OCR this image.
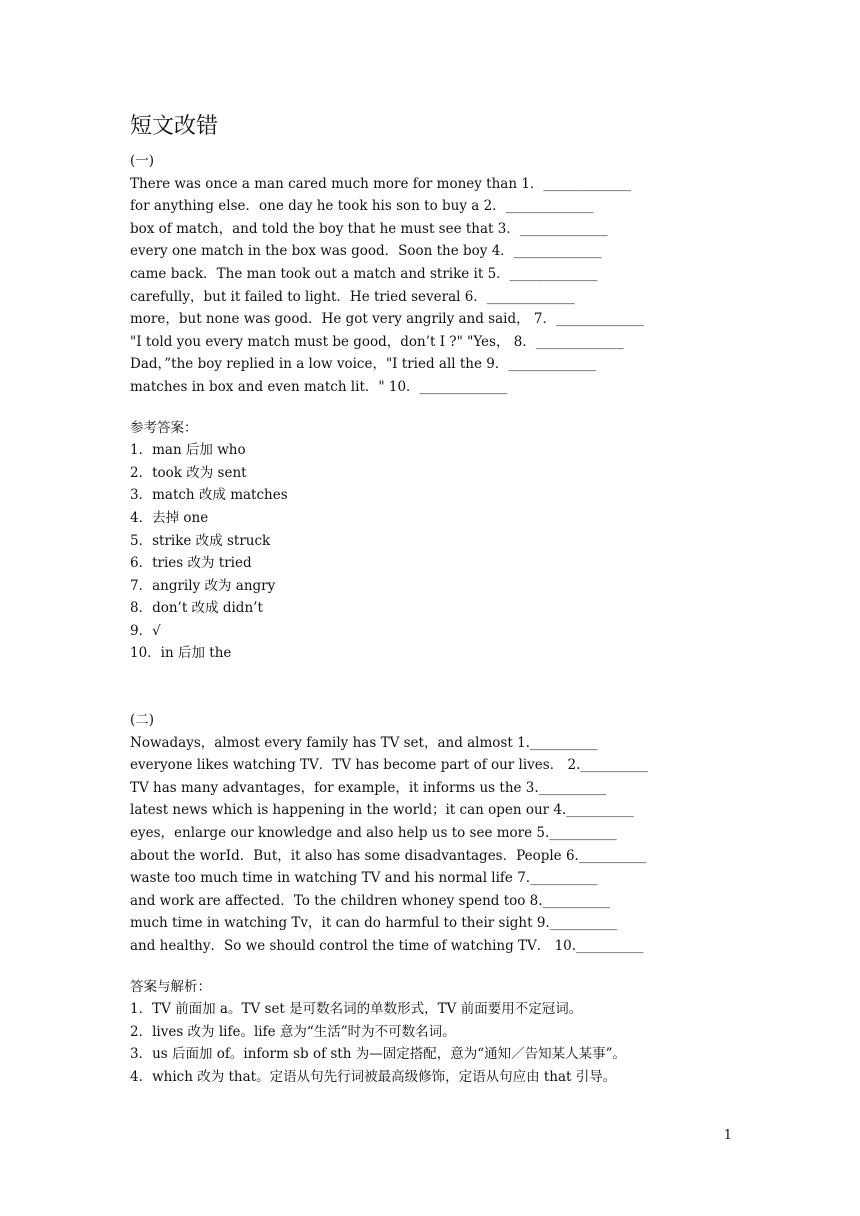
短文改错
(一)
There was once a man cared much more for money than 1．_____________
for anything else．one day he took his son to buy a 2．_____________
box of match，and told the boy that he must see that 3．_____________
every one match in the box was good．Soon the boy 4．_____________
came back．The man took out a match and strike it 5．_____________
carefully，but it failed to light．He tried several 6．_____________
more，but none was good．He got very angrily and said， 7．_____________
"I told you every match must be good，don’t I ?" "Yes， 8．_____________
Dad，”the boy replied in a low voice，"I tried all the 9．_____________
matches in box and even match lit．" 10．_____________
参考答案：
1．man 后加 who
2．took 改为 sent
3．match 改成 matches
4．去掉 one
5．strike 改成 struck
6．tries 改为 tried
7．angrily 改为 angry
8．don’t 改成 didn’t
9．√
10．in 后加 the
(二)
Nowadays，almost every family has TV set，and almost 1.__________
everyone likes watching TV．TV has become part of our lives． 2.__________
TV has many advantages，for example，it informs us the 3.__________
latest news which is happening in the world；it can open our 4.__________
eyes，enlarge our knowledge and also help us to see more 5.__________
about the worId．But，it also has some disadvantages．People 6.__________
waste too much time in watching TV and his normal life 7.__________
and work are affected．To the children whoney spend too 8.__________
much time in watching Tv，it can do harmful to their sight 9.__________
and healthy．So we should control the time of watching TV． 10.__________
答案与解析：
1．TV 前面加 a。TV set 是可数名词的单数形式，TV 前面要用不定冠词。
2．lives 改为 life。life 意为“生活”时为不可数名词。
3．us 后面加 of。inform sb of sth 为—固定搭配，意为“通知／告知某人某事”。
4．which 改为 that。定语从句先行词被最高级修饰，定语从句应由 that 引导。
1
